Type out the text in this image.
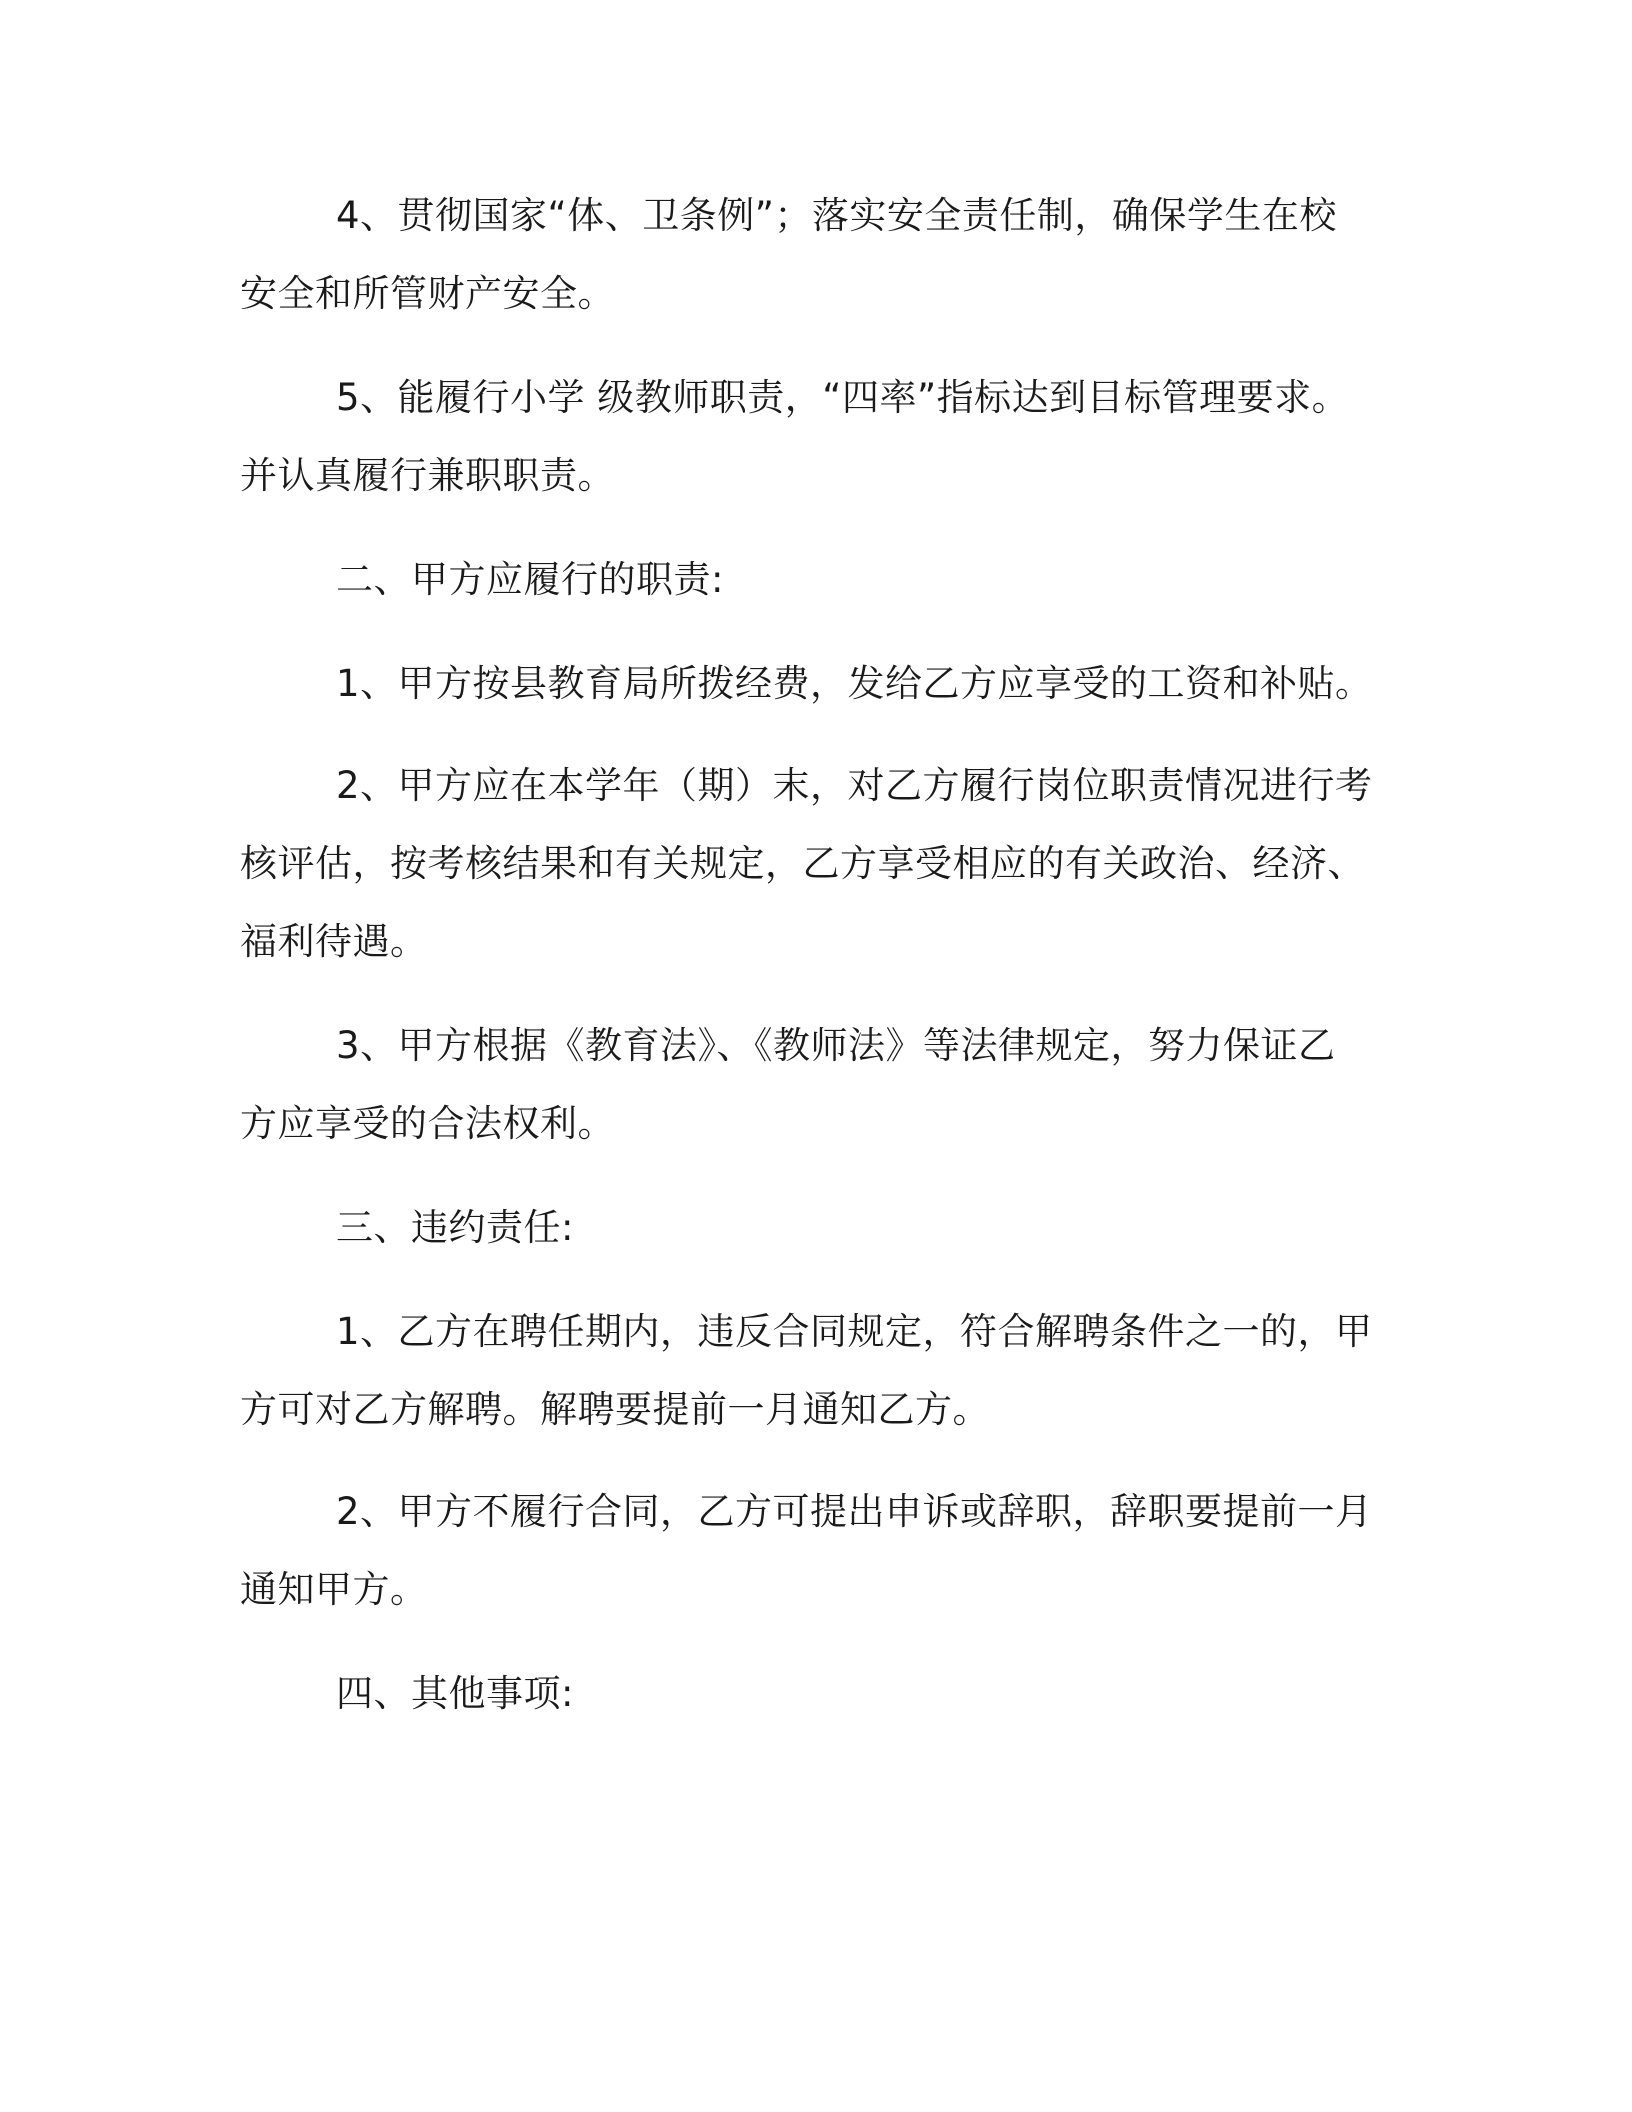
4、贯彻国家“体、卫条例”；落实安全责任制，确保学生在校

安全和所管财产安全。

5、能履行小学 级教师职责，“四率”指标达到目标管理要求。

并认真履行兼职职责。

二、甲方应履行的职责:

1、甲方按县教育局所拨经费，发给乙方应享受的工资和补贴。

2、甲方应在本学年（期）末，对乙方履行岗位职责情况进行考

核评估，按考核结果和有关规定，乙方享受相应的有关政治、经济、

福利待遇。

3、甲方根据《教育法》、《教师法》等法律规定，努力保证乙

方应享受的合法权利。

三、违约责任:

1、乙方在聘任期内，违反合同规定，符合解聘条件之一的，甲

方可对乙方解聘。解聘要提前一月通知乙方。

2、甲方不履行合同，乙方可提出申诉或辞职，辞职要提前一月

通知甲方。

四、其他事项:
